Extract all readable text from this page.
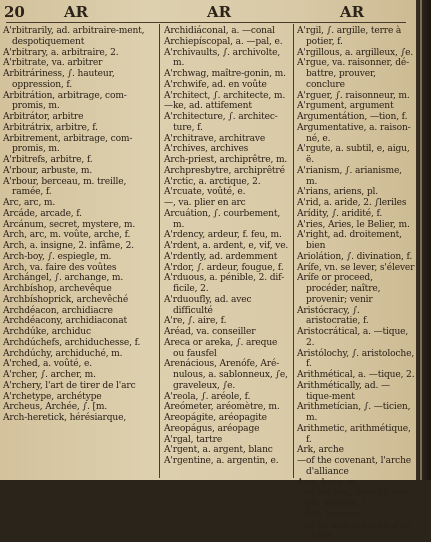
20	AR	AR	AR

A'rbitrarily, ad. arbitraire-ment, despotiquement

A'rbitrary, a. arbitraire, 2.

A'rbitrate, va. arbitrer

Arbitráriness, ∫. hauteur, oppression, f.

Arbitrátion, arbitrage, com-promis, m.

Arbitrátor, arbitre

Arbitrátrix, arbitre, f.

Arbitrement, arbitrage, com-promis, m.

A'rbitrefs, arbitre, f.

A'rbour, arbuste, m.

A'rbour, berceau, m. treille, ramée, f.

Arc, arc, m.

Arcáde, arcade, f.

Arcánum, secret, mystere, m.

Arch, arc, m. voûte, arche, f.

Arch, a. insigne, 2. infâme, 2.

Arch-boy, ∫. espiegle, m.

Arch, va. faire des voûtes

Archángel, ∫. archange, m.

Archbíshop, archevêque

Archbíshoprick, archevêché

Archdéacon, archidiacre

Archdéacony, archidiaconat

Archdúke, archiduc

Archdúchefs, archiduchesse, f.

Archdúchy, archiduché, m.

A'rched, a. voûté, e.

A'rcher, ∫. archer, m.

A'rchery, l'art de tirer de l'arc

A'rchetype, archétype

Archeus, Archée, ∫. [m.

Arch-heretick, hérésiarque,

Archidiáconal, a. —conal

Archiepíscopal, a. —pal, e.

A'rchivaults, ∫. archivolte, m.

A'rchwag, maître-gonin, m.

A'rchwife, ad. en voûte

A'rchitect, ∫. architecte, m.

—ke, ad. attifement

A'rchitecture, ∫. architec-ture, f.

A'rchitrave, architrave

A'rchives, archives

Arch-priest, archiprêtre, m.

Archpresbytre, archiprêtré

A'rctic, a. arctique, 2.

A'rcuate, voûté, e.

—, va. plier en arc

Arcuátion, ∫. courbement, m.

A'rdency, ardeur, f. feu, m.

A'rdent, a. ardent, e, vif, ve.

A'rdently, ad. ardemment

A'rdor, ∫. ardeur, fougue, f.

A'rduous, a. pénible, 2. dif-ficile, 2.

A'rduoufly, ad. avec difficulté

A're, ∫. aire, f.

Aréad, va. conseiller

Areca or areka, ∫. areque ou fausfel

Arenácious, Arenófe, Aré-nulous, a. sablonneux, ∫e, graveleux, ∫e.

A'reola, ∫. aréole, f.

Areómeter, aréomètre, m.

Areopágite, aréopagite

Areopágus, aréopage

A'rgal, tartre

A'rgent, a. argent, blanc

A'rgentine, a. argentin, e.

A'rgil, ∫. argille, terre à potier, f.

A'rgillous, a. argilleux, ∫e.

A'rgue, va. raisonner, dé-battre, prouver, conclure

A'rguer, ∫. raisonneur, m.

A'rgument, argument

Argumentátion, —tion, f.

Argumentative, a. raison-né, e.

A'rgute, a. subtil, e, aigu, ë.

A'rianism, ∫. arianisme, m.

A'rians, ariens, pl.

A'rid, a. aride, 2. ∫leriles

Arídity, ∫. aridité, f.

A'ries, Aries, le Belier, m.

A'right, ad. droitement, bien

Ariolátion, ∫. divination, f.

Arífe, vn. se lever, s'élever

Arífe or proceed, procéder, naître, provenir; venir

Aristócracy, ∫. aristocratie, f.

Aristocrátical, a. —tique, 2.

Aristólochy, ∫. aristoloche, f.

Arithmétical, a. —tique, 2.

Arithmétically, ad. —tique-ment

Arithmetícian, ∫. —ticien, m.

Arithmetic, arithmétique, f.

Ark, arche

—of the covenant, l'arche d'alliance

Arm, bras, m.

—of the sea, bras de mer

—pit, aisselle, f.

—full, brassée

—of an oak, branche d'un chêne
